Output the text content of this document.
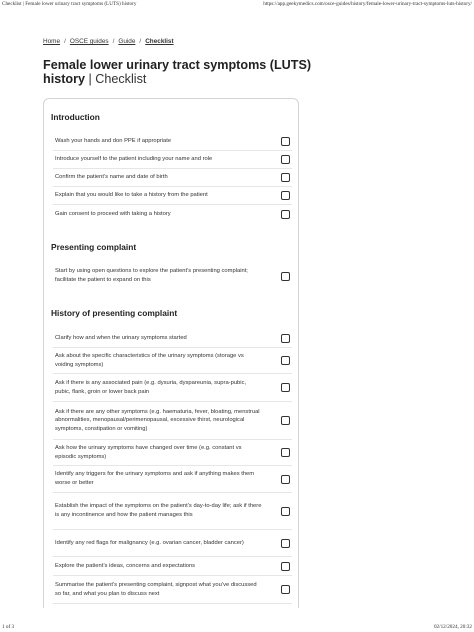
Checklist | Female lower urinary tract symptoms (LUTS) history	https://app.geekymedics.com/osce-guides/history/female-lower-urinary-tract-symptoms-luts-history/
Home / OSCE guides / Guide / Checklist
Female lower urinary tract symptoms (LUTS) history | Checklist
Introduction
Wash your hands and don PPE if appropriate
Introduce yourself to the patient including your name and role
Confirm the patient’s name and date of birth
Explain that you would like to take a history from the patient
Gain consent to proceed with taking a history
Presenting complaint
Start by using open questions to explore the patient’s presenting complaint; facilitate the patient to expand on this
History of presenting complaint
Clarify how and when the urinary symptoms started
Ask about the specific characteristics of the urinary symptoms (storage vs voiding symptoms)
Ask if there is any associated pain (e.g. dysuria, dyspareunia, supra-pubic, pubic, flank, groin or lower back pain
Ask if there are any other symptoms (e.g. haematuria, fever, bloating, menstrual abnormalities, menopausal/perimenopausal, excessive thirst, neurological symptoms, constipation or vomiting)
Ask how the urinary symptoms have changed over time (e.g. constant vs episodic symptoms)
Identify any triggers for the urinary symptoms and ask if anything makes them worse or better
Establish the impact of the symptoms on the patient’s day-to-day life; ask if there is any incontinence and how the patient manages this
Identify any red flags for malignancy (e.g. ovarian cancer, bladder cancer)
Explore the patient’s ideas, concerns and expectations
Summarise the patient’s presenting complaint, signpost what you’ve discussed so far, and what you plan to discuss next
1 of 3	02/12/2024, 20:32
